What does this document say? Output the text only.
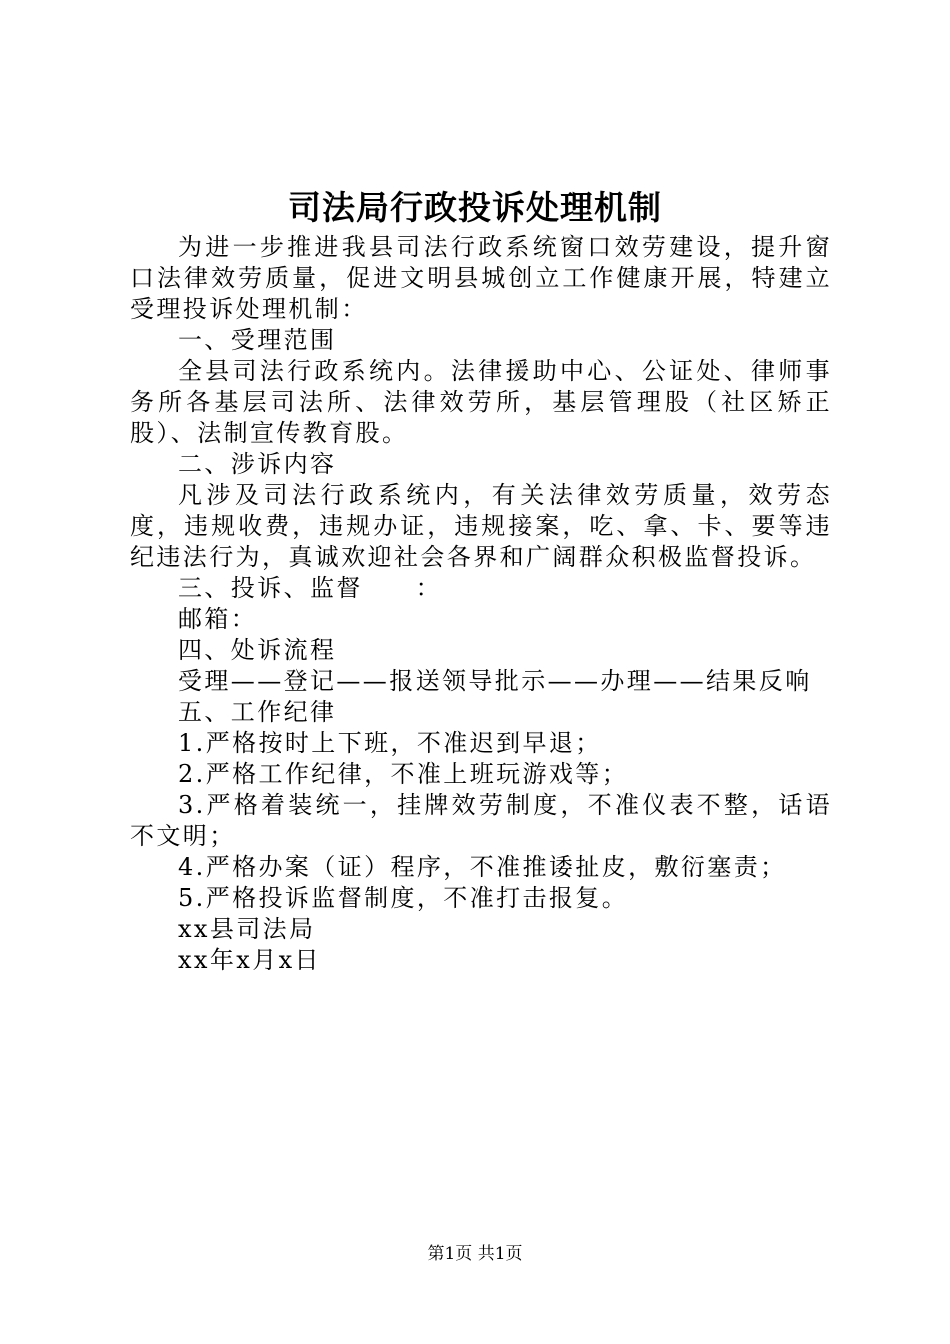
司法局行政投诉处理机制

为进一步推进我县司法行政系统窗口效劳建设，提升窗口法律效劳质量，促进文明县城创立工作健康开展，特建立受理投诉处理机制：

一、受理范围

全县司法行政系统内。法律援助中心、公证处、律师事务所各基层司法所、法律效劳所，基层管理股（社区矫正股）、法制宣传教育股。

二、涉诉内容

凡涉及司法行政系统内，有关法律效劳质量，效劳态度，违规收费，违规办证，违规接案，吃、拿、卡、要等违纪违法行为，真诚欢迎社会各界和广阔群众积极监督投诉。

三、投诉、监督　　：

邮箱：

四、处诉流程

受理——登记——报送领导批示——办理——结果反响

五、工作纪律

1.严格按时上下班，不准迟到早退；

2.严格工作纪律，不准上班玩游戏等；

3.严格着装统一，挂牌效劳制度，不准仪表不整，话语不文明；

4.严格办案（证）程序，不准推诿扯皮，敷衍塞责；

5.严格投诉监督制度，不准打击报复。

xx县司法局

xx年x月x日

第1页 共1页
